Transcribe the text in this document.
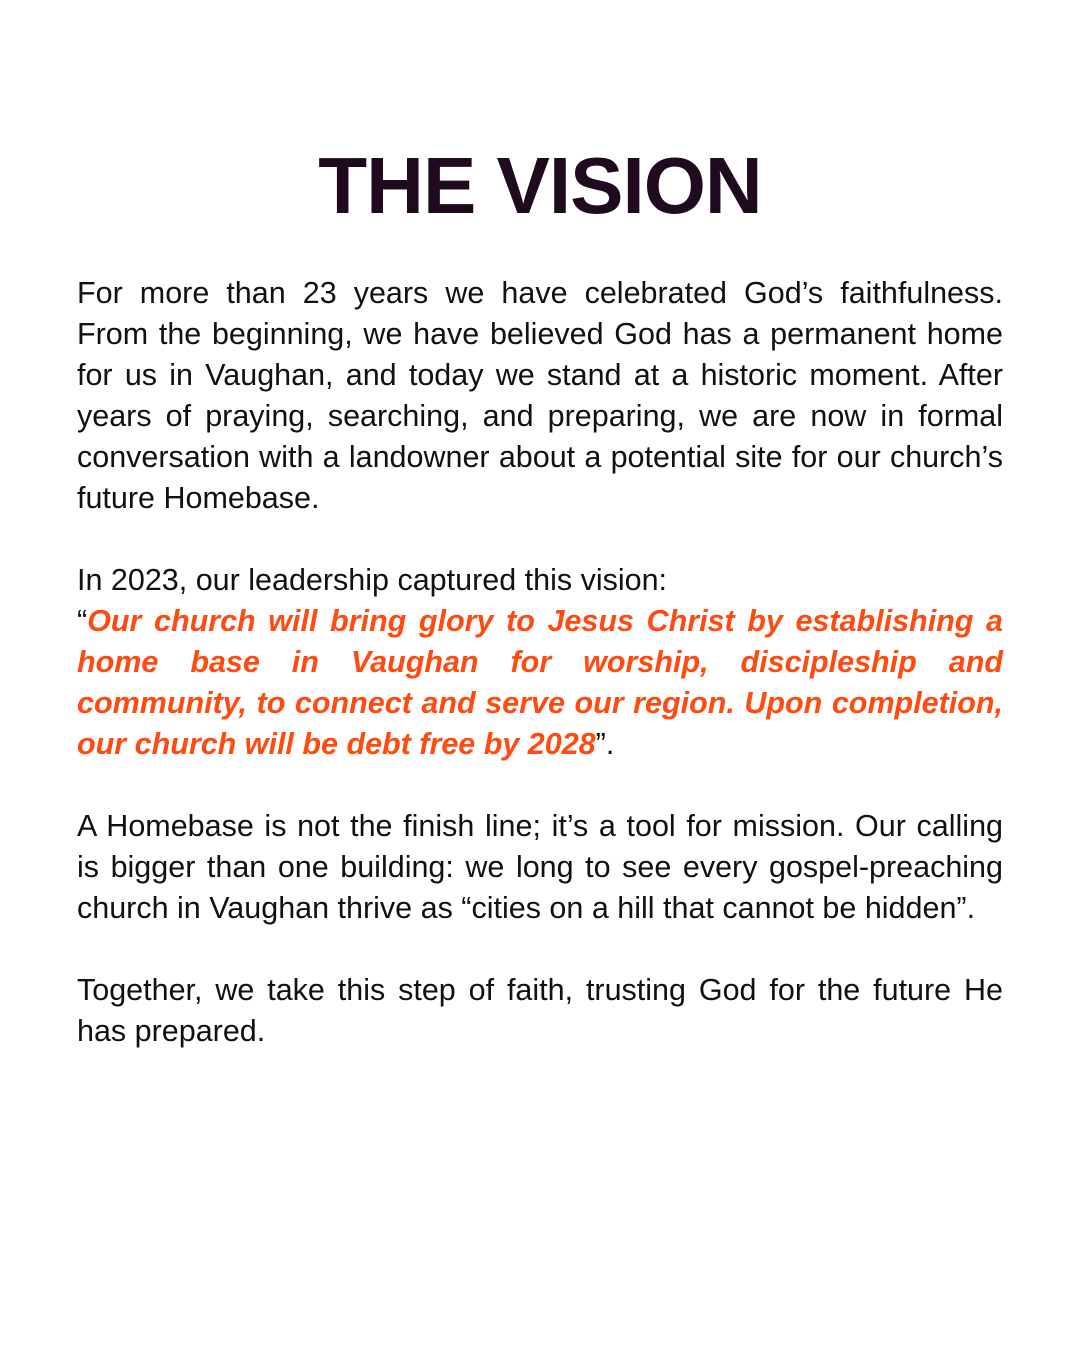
THE VISION

For more than 23 years we have celebrated God’s faithfulness. From the beginning, we have believed God has a permanent home for us in Vaughan, and today we stand at a historic moment. After years of praying, searching, and preparing, we are now in formal conversation with a landowner about a potential site for our church’s future Homebase.

In 2023, our leadership captured this vision:

“Our church will bring glory to Jesus Christ by establishing a home base in Vaughan for worship, discipleship and community, to connect and serve our region. Upon completion, our church will be debt free by 2028”.

A Homebase is not the finish line; it’s a tool for mission. Our calling is bigger than one building: we long to see every gospel-preaching church in Vaughan thrive as “cities on a hill that cannot be hidden”.

Together, we take this step of faith, trusting God for the future He has prepared.
